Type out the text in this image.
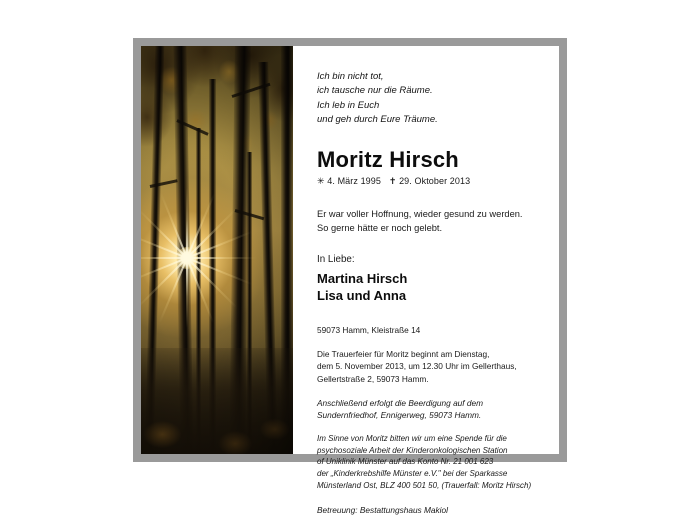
Ich bin nicht tot,
ich tausche nur die Räume.
Ich leb in Euch
und geh durch Eure Träume.
Moritz Hirsch
✳ 4. März 1995 ✝ 29. Oktober 2013
Er war voller Hoffnung, wieder gesund zu werden.
So gerne hätte er noch gelebt.
In Liebe:
Martina Hirsch
Lisa und Anna
59073 Hamm, Kleistraße 14
Die Trauerfeier für Moritz beginnt am Dienstag,
dem 5. November 2013, um 12.30 Uhr im Gellerthaus,
Gellertstraße 2, 59073 Hamm.
Anschließend erfolgt die Beerdigung auf dem
Sundernfriedhof, Ennigerweg, 59073 Hamm.
Im Sinne von Moritz bitten wir um eine Spende für die
psychosoziale Arbeit der Kinderonkologischen Station
of Uniklinik Münster auf das Konto Nr. 21 001 623
der „Kinderkrebshilfe Münster e.V." bei der Sparkasse
Münsterland Ost, BLZ 400 501 50, (Trauerfall: Moritz Hirsch)
Betreuung: Bestattungshaus Makiol
